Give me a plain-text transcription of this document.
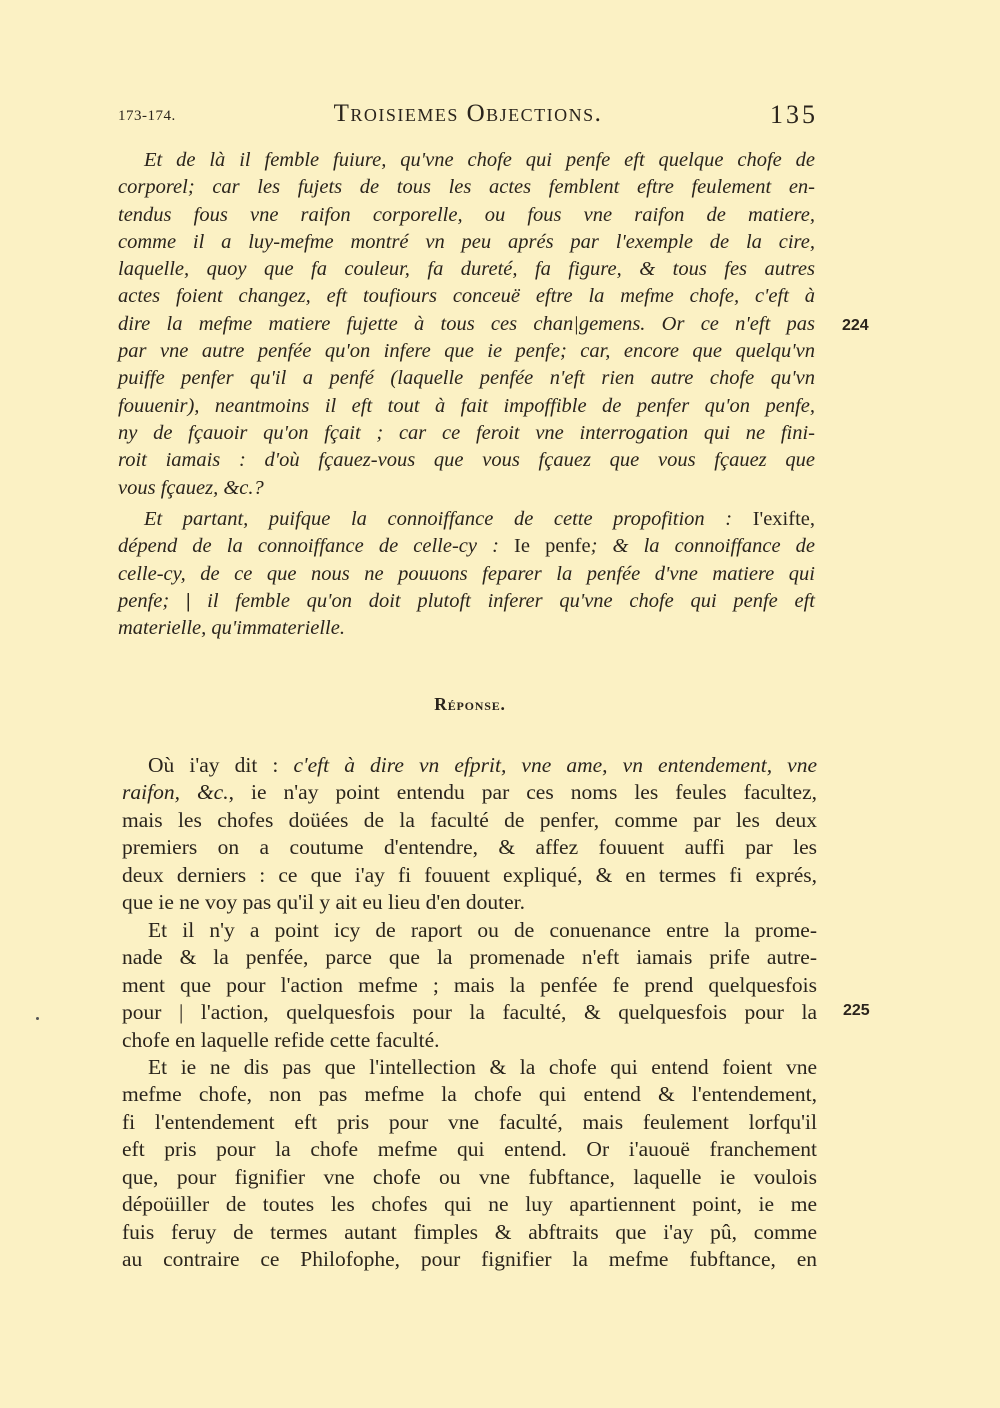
173-174.	Troisiemes Objections.	135
Et de là il femble fuiure, qu'vne chofe qui penfe eft quelque chofe de
corporel; car les fujets de tous les actes femblent eftre feulement en-
tendus fous vne raifon corporelle, ou fous vne raifon de matiere,
comme il a luy-mefme montré vn peu aprés par l'exemple de la cire,
laquelle, quoy que fa couleur, fa dureté, fa figure, & tous fes autres
actes foient changez, eft toufiours conceuë eftre la mefme chofe, c'eft à
dire la mefme matiere fujette à tous ces chan|gemens. Or ce n'eft pas
par vne autre penfée qu'on infere que ie penfe; car, encore que quelqu'vn
puiffe penfer qu'il a penfé (laquelle penfée n'eft rien autre chofe qu'vn
fouuenir), neantmoins il eft tout à fait impoffible de penfer qu'on penfe,
ny de fçauoir qu'on fçait ; car ce feroit vne interrogation qui ne fini-
roit iamais : d'où fçauez-vous que vous fçauez que vous fçauez que
vous fçauez, &c.?
Et partant, puifque la connoiffance de cette propofition : I'exifte,
dépend de la connoiffance de celle-cy : Ie penfe; & la connoiffance de
celle-cy, de ce que nous ne pouuons feparer la penfée d'vne matiere qui
penfe; | il femble qu'on doit plutoft inferer qu'vne chofe qui penfe eft
materielle, qu'immaterielle.
Réponse.
Où i'ay dit : c'eft à dire vn efprit, vne ame, vn entendement, vne
raifon, &c., ie n'ay point entendu par ces noms les feules facultez,
mais les chofes doüées de la faculté de penfer, comme par les deux
premiers on a coutume d'entendre, & affez fouuent auffi par les
deux derniers : ce que i'ay fi fouuent expliqué, & en termes fi exprés,
que ie ne voy pas qu'il y ait eu lieu d'en douter.
Et il n'y a point icy de raport ou de conuenance entre la prome-
nade & la penfée, parce que la promenade n'eft iamais prife autre-
ment que pour l'action mefme ; mais la penfée fe prend quelquesfois
pour | l'action, quelquesfois pour la faculté, & quelquesfois pour la
chofe en laquelle refide cette faculté.
Et ie ne dis pas que l'intellection & la chofe qui entend foient vne
mefme chofe, non pas mefme la chofe qui entend & l'entendement,
fi l'entendement eft pris pour vne faculté, mais feulement lorfqu'il
eft pris pour la chofe mefme qui entend. Or i'auouë franchement
que, pour fignifier vne chofe ou vne fubftance, laquelle ie voulois
dépoüiller de toutes les chofes qui ne luy apartiennent point, ie me
fuis feruy de termes autant fimples & abftraits que i'ay pû, comme
au contraire ce Philofophe, pour fignifier la mefme fubftance, en
224
225
